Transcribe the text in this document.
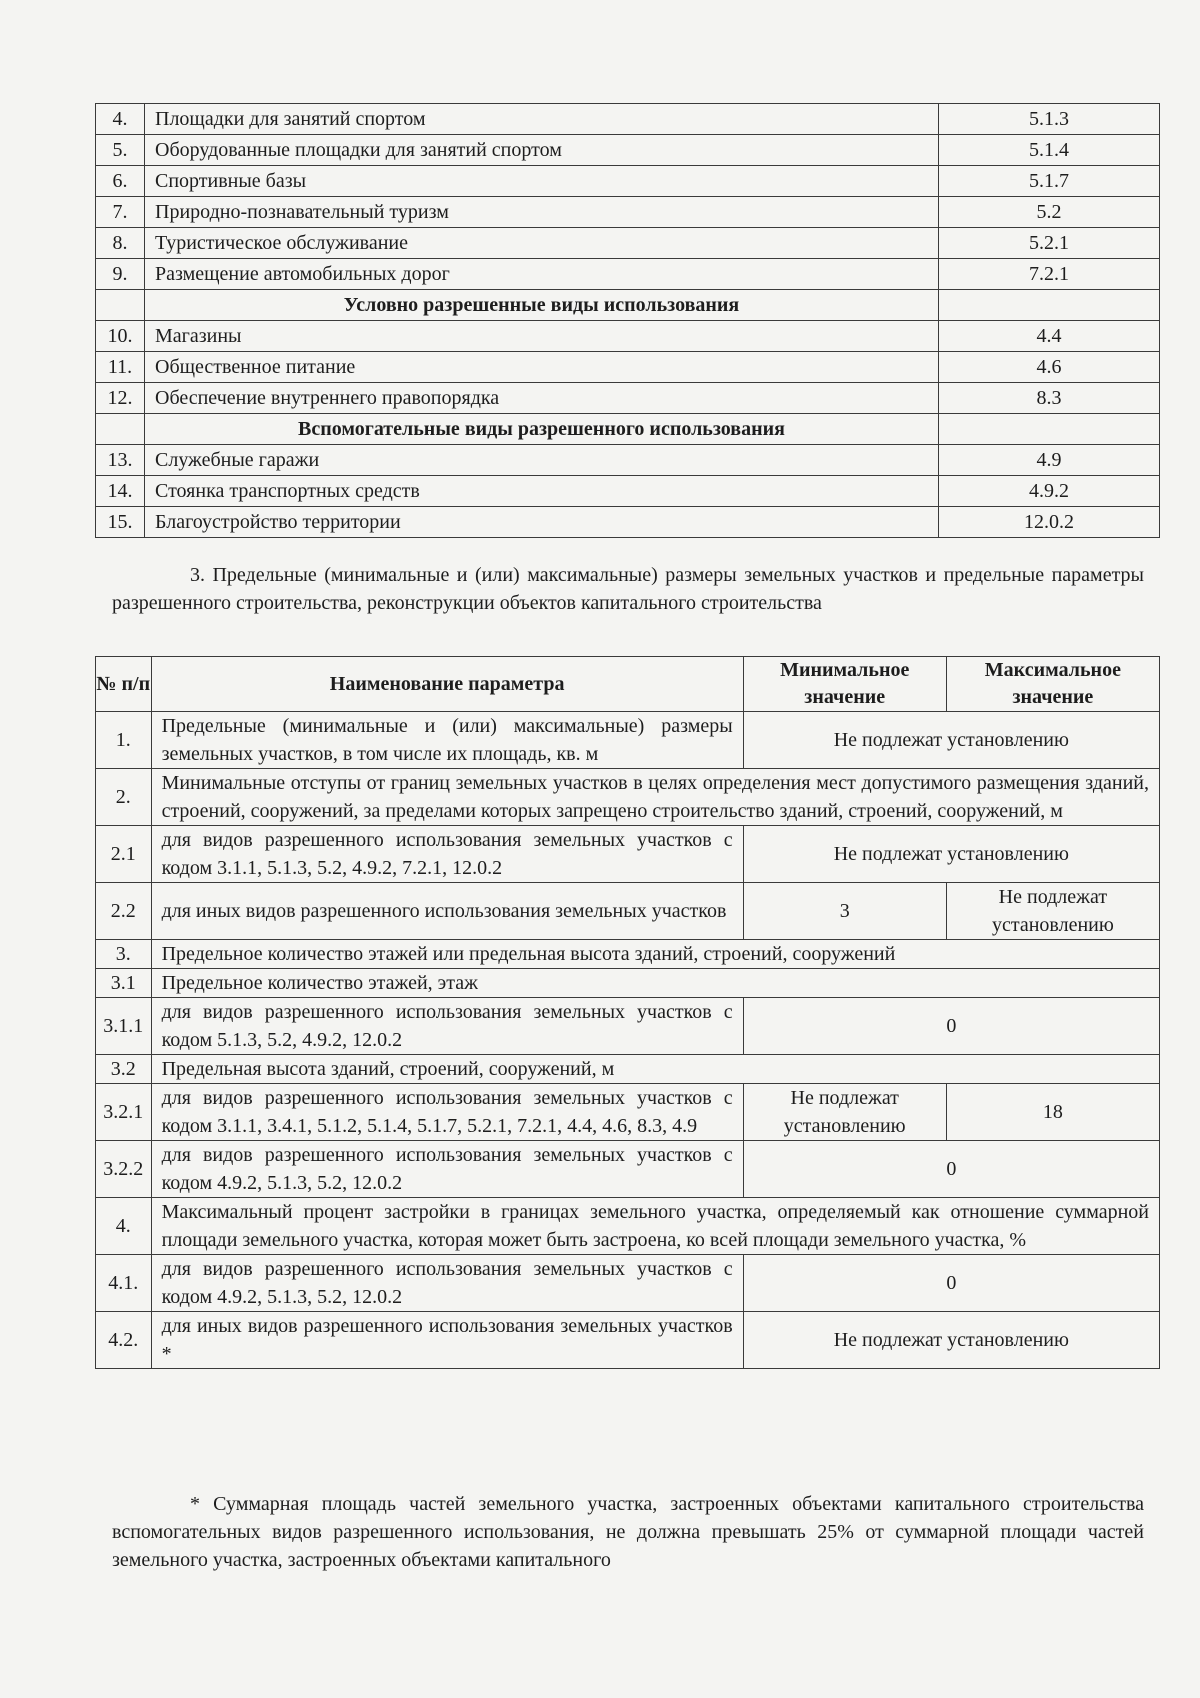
4.	Площадки для занятий спортом	5.1.3
5.	Оборудованные площадки для занятий спортом	5.1.4
6.	Спортивные базы	5.1.7
7.	Природно-познавательный туризм	5.2
8.	Туристическое обслуживание	5.2.1
9.	Размещение автомобильных дорог	7.2.1
	Условно разрешенные виды использования	
10.	Магазины	4.4
11.	Общественное питание	4.6
12.	Обеспечение внутреннего правопорядка	8.3
	Вспомогательные виды разрешенного использования	
13.	Служебные гаражи	4.9
14.	Стоянка транспортных средств	4.9.2
15.	Благоустройство территории	12.0.2
3. Предельные (минимальные и (или) максимальные) размеры земельных участков и предельные параметры разрешенного строительства, реконструкции объектов капитального строительства
№ п/п	Наименование параметра	Минимальное значение	Максимальное значение
1.	Предельные (минимальные и (или) максимальные) размеры земельных участков, в том числе их площадь, кв. м	Не подлежат установлению	
2.	Минимальные отступы от границ земельных участков в целях определения мест допустимого размещения зданий, строений, сооружений, за пределами которых запрещено строительство зданий, строений, сооружений, м		
2.1	для видов разрешенного использования земельных участков с кодом 3.1.1, 5.1.3, 5.2, 4.9.2, 7.2.1, 12.0.2	Не подлежат установлению	
2.2	для иных видов разрешенного использования земельных участков	3	Не подлежат установлению
3.	Предельное количество этажей или предельная высота зданий, строений, сооружений		
3.1	Предельное количество этажей, этаж		
3.1.1	для видов разрешенного использования земельных участков с кодом 5.1.3, 5.2, 4.9.2, 12.0.2	0	
3.2	Предельная высота зданий, строений, сооружений, м		
3.2.1	для видов разрешенного использования земельных участков с кодом 3.1.1, 3.4.1, 5.1.2, 5.1.4, 5.1.7, 5.2.1, 7.2.1, 4.4, 4.6, 8.3, 4.9	Не подлежат установлению	18
3.2.2	для видов разрешенного использования земельных участков с кодом 4.9.2, 5.1.3, 5.2, 12.0.2	0	
4.	Максимальный процент застройки в границах земельного участка, определяемый как отношение суммарной площади земельного участка, которая может быть застроена, ко всей площади земельного участка, %		
4.1.	для видов разрешенного использования земельных участков с кодом 4.9.2, 5.1.3, 5.2, 12.0.2	0	
4.2.	для иных видов разрешенного использования земельных участков *	Не подлежат установлению	
* Суммарная площадь частей земельного участка, застроенных объектами капитального строительства вспомогательных видов разрешенного использования, не должна превышать 25% от суммарной площади частей земельного участка, застроенных объектами капитального
